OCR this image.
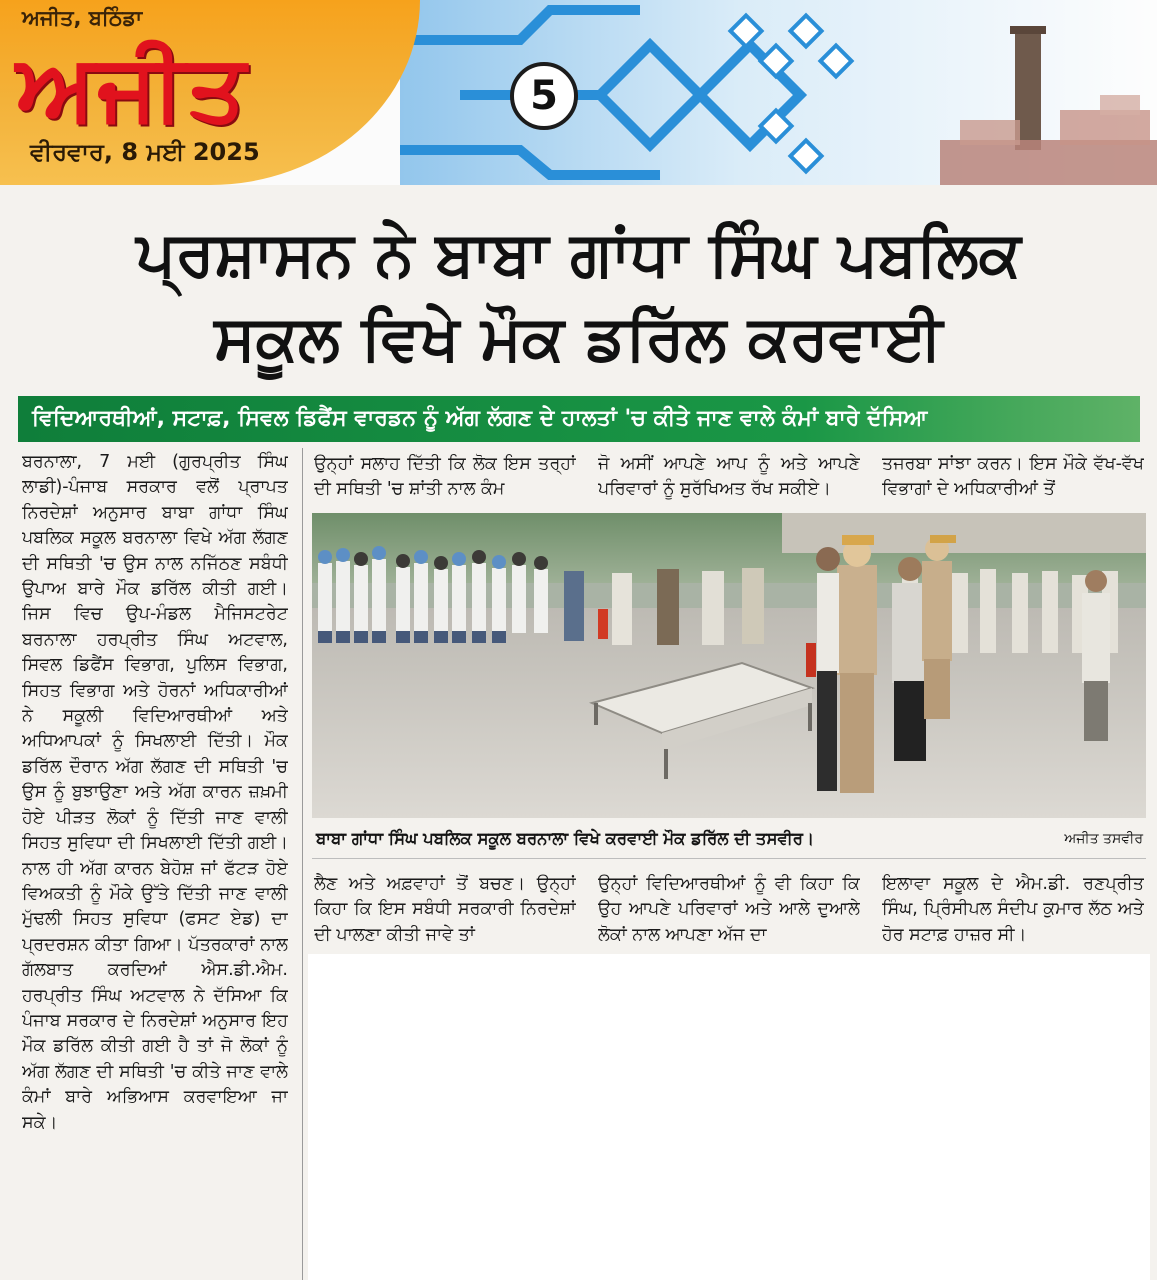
ਅਜੀਤ, ਬਠਿੰਡਾ
ਅਜੀਤ
ਵੀਰਵਾਰ, 8 ਮਈ 2025
5
ਪ੍ਰਸ਼ਾਸਨ ਨੇ ਬਾਬਾ ਗਾਂਧਾ ਸਿੰਘ ਪਬਲਿਕ
ਸਕੂਲ ਵਿਖੇ ਮੌਕ ਡਰਿੱਲ ਕਰਵਾਈ
ਵਿਦਿਆਰਥੀਆਂ, ਸਟਾਫ਼, ਸਿਵਲ ਡਿਫੈਂਸ ਵਾਰਡਨ ਨੂੰ ਅੱਗ ਲੱਗਣ ਦੇ ਹਾਲਤਾਂ 'ਚ ਕੀਤੇ ਜਾਣ ਵਾਲੇ ਕੰਮਾਂ ਬਾਰੇ ਦੱਸਿਆ

ਬਰਨਾਲਾ, 7 ਮਈ (ਗੁਰਪ੍ਰੀਤ ਸਿੰਘ ਲਾਡੀ)-ਪੰਜਾਬ ਸਰਕਾਰ ਵਲੋਂ ਪ੍ਰਾਪਤ ਨਿਰਦੇਸ਼ਾਂ ਅਨੁਸਾਰ ਬਾਬਾ ਗਾਂਧਾ ਸਿੰਘ ਪਬਲਿਕ ਸਕੂਲ ਬਰਨਾਲਾ ਵਿਖੇ ਅੱਗ ਲੱਗਣ ਦੀ ਸਥਿਤੀ 'ਚ ਉਸ ਨਾਲ ਨਜਿੱਠਣ ਸਬੰਧੀ ਉਪਾਅ ਬਾਰੇ ਮੌਕ ਡਰਿੱਲ ਕੀਤੀ ਗਈ। ਜਿਸ ਵਿਚ ਉਪ-ਮੰਡਲ ਮੈਜਿਸਟਰੇਟ ਬਰਨਾਲਾ ਹਰਪ੍ਰੀਤ ਸਿੰਘ ਅਟਵਾਲ, ਸਿਵਲ ਡਿਫੈਂਸ ਵਿਭਾਗ, ਪੁਲਿਸ ਵਿਭਾਗ, ਸਿਹਤ ਵਿਭਾਗ ਅਤੇ ਹੋਰਨਾਂ ਅਧਿਕਾਰੀਆਂ ਨੇ ਸਕੂਲੀ ਵਿਦਿਆਰਥੀਆਂ ਅਤੇ ਅਧਿਆਪਕਾਂ ਨੂੰ ਸਿਖਲਾਈ ਦਿੱਤੀ। ਮੌਕ ਡਰਿੱਲ ਦੌਰਾਨ ਅੱਗ ਲੱਗਣ ਦੀ ਸਥਿਤੀ 'ਚ ਉਸ ਨੂੰ ਬੁਝਾਉਣਾ ਅਤੇ ਅੱਗ ਕਾਰਨ ਜ਼ਖ਼ਮੀ ਹੋਏ ਪੀੜਤ ਲੋਕਾਂ ਨੂੰ ਦਿੱਤੀ ਜਾਣ ਵਾਲੀ ਸਿਹਤ ਸੁਵਿਧਾ ਦੀ ਸਿਖਲਾਈ ਦਿੱਤੀ ਗਈ। ਨਾਲ ਹੀ ਅੱਗ ਕਾਰਨ ਬੇਹੋਸ਼ ਜਾਂ ਫੱਟੜ ਹੋਏ ਵਿਅਕਤੀ ਨੂੰ ਮੌਕੇ ਉੱਤੇ ਦਿੱਤੀ ਜਾਣ ਵਾਲੀ ਮੁੱਢਲੀ ਸਿਹਤ ਸੁਵਿਧਾ (ਫਸਟ ਏਡ) ਦਾ ਪ੍ਰਦਰਸ਼ਨ ਕੀਤਾ ਗਿਆ। ਪੱਤਰਕਾਰਾਂ ਨਾਲ ਗੱਲਬਾਤ ਕਰਦਿਆਂ ਐਸ.ਡੀ.ਐਮ. ਹਰਪ੍ਰੀਤ ਸਿੰਘ ਅਟਵਾਲ ਨੇ ਦੱਸਿਆ ਕਿ ਪੰਜਾਬ ਸਰਕਾਰ ਦੇ ਨਿਰਦੇਸ਼ਾਂ ਅਨੁਸਾਰ ਇਹ ਮੌਕ ਡਰਿੱਲ ਕੀਤੀ ਗਈ ਹੈ ਤਾਂ ਜੋ ਲੋਕਾਂ ਨੂੰ ਅੱਗ ਲੱਗਣ ਦੀ ਸਥਿਤੀ 'ਚ ਕੀਤੇ ਜਾਣ ਵਾਲੇ ਕੰਮਾਂ ਬਾਰੇ ਅਭਿਆਸ ਕਰਵਾਇਆ ਜਾ ਸਕੇ।

ਉਨ੍ਹਾਂ ਸਲਾਹ ਦਿੱਤੀ ਕਿ ਲੋਕ ਇਸ ਤਰ੍ਹਾਂ ਦੀ ਸਥਿਤੀ 'ਚ ਸ਼ਾਂਤੀ ਨਾਲ ਕੰਮ

ਜੋ ਅਸੀਂ ਆਪਣੇ ਆਪ ਨੂੰ ਅਤੇ ਆਪਣੇ ਪਰਿਵਾਰਾਂ ਨੂੰ ਸੁਰੱਖਿਅਤ ਰੱਖ ਸਕੀਏ।

ਤਜਰਬਾ ਸਾਂਝਾ ਕਰਨ। ਇਸ ਮੌਕੇ ਵੱਖ-ਵੱਖ ਵਿਭਾਗਾਂ ਦੇ ਅਧਿਕਾਰੀਆਂ ਤੋਂ

ਬਾਬਾ ਗਾਂਧਾ ਸਿੰਘ ਪਬਲਿਕ ਸਕੂਲ ਬਰਨਾਲਾ ਵਿਖੇ ਕਰਵਾਈ ਮੌਕ ਡਰਿੱਲ ਦੀ ਤਸਵੀਰ।	ਅਜੀਤ ਤਸਵੀਰ

ਲੈਣ ਅਤੇ ਅਫ਼ਵਾਹਾਂ ਤੋਂ ਬਚਣ। ਉਨ੍ਹਾਂ ਕਿਹਾ ਕਿ ਇਸ ਸਬੰਧੀ ਸਰਕਾਰੀ ਨਿਰਦੇਸ਼ਾਂ ਦੀ ਪਾਲਣਾ ਕੀਤੀ ਜਾਵੇ ਤਾਂ

ਉਨ੍ਹਾਂ ਵਿਦਿਆਰਥੀਆਂ ਨੂੰ ਵੀ ਕਿਹਾ ਕਿ ਉਹ ਆਪਣੇ ਪਰਿਵਾਰਾਂ ਅਤੇ ਆਲੇ ਦੁਆਲੇ ਲੋਕਾਂ ਨਾਲ ਆਪਣਾ ਅੱਜ ਦਾ

ਇਲਾਵਾ ਸਕੂਲ ਦੇ ਐਮ.ਡੀ. ਰਣਪ੍ਰੀਤ ਸਿੰਘ, ਪ੍ਰਿੰਸੀਪਲ ਸੰਦੀਪ ਕੁਮਾਰ ਲੱਠ ਅਤੇ ਹੋਰ ਸਟਾਫ਼ ਹਾਜ਼ਰ ਸੀ।
